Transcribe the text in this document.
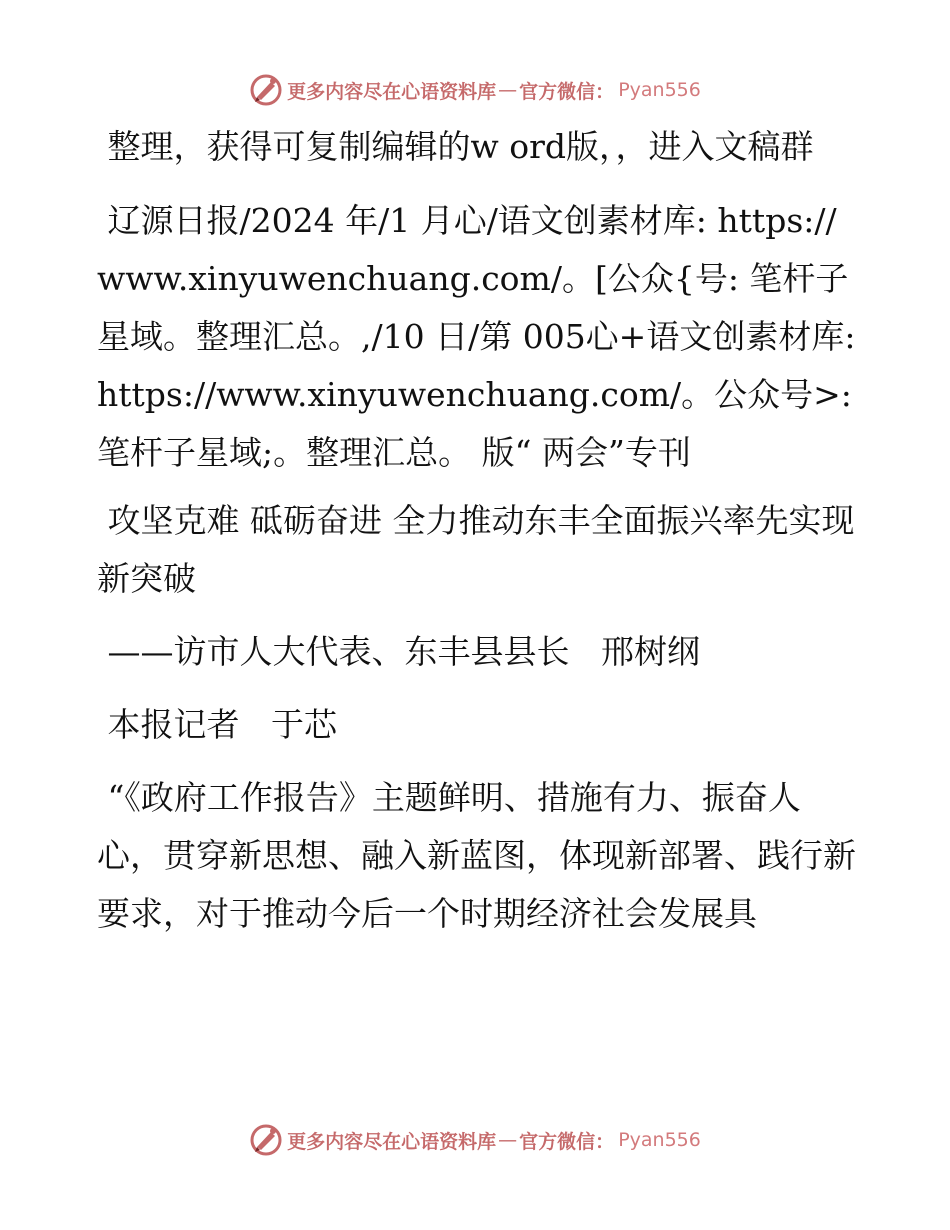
更多内容尽在心语资料库 — 官方微信 ： Pyan556

整理，获得可复制编辑的w ord版，，进入文稿群

辽源日报/2024 年/1 月心/语文创素材库: https://www.xinyuwenchuang.com/。[公众{号: 笔杆子星域。整理汇总。,/10 日/第 005心+语文创素材库: https://www.xinyuwenchuang.com/。公众号>: 笔杆子星域;。整理汇总。 版“ 两会”专刊

攻坚克难 砥砺奋进 全力推动东丰全面振兴率先实现新突破

——访市人大代表、东丰县县长   邢树纲

本报记者   于芯

“《政府工作报告》主题鲜明、措施有力、振奋人心，贯穿新思想、融入新蓝图，体现新部署、践行新要求，对于推动今后一个时期经济社会发展具

更多内容尽在心语资料库 — 官方微信 ： Pyan556
